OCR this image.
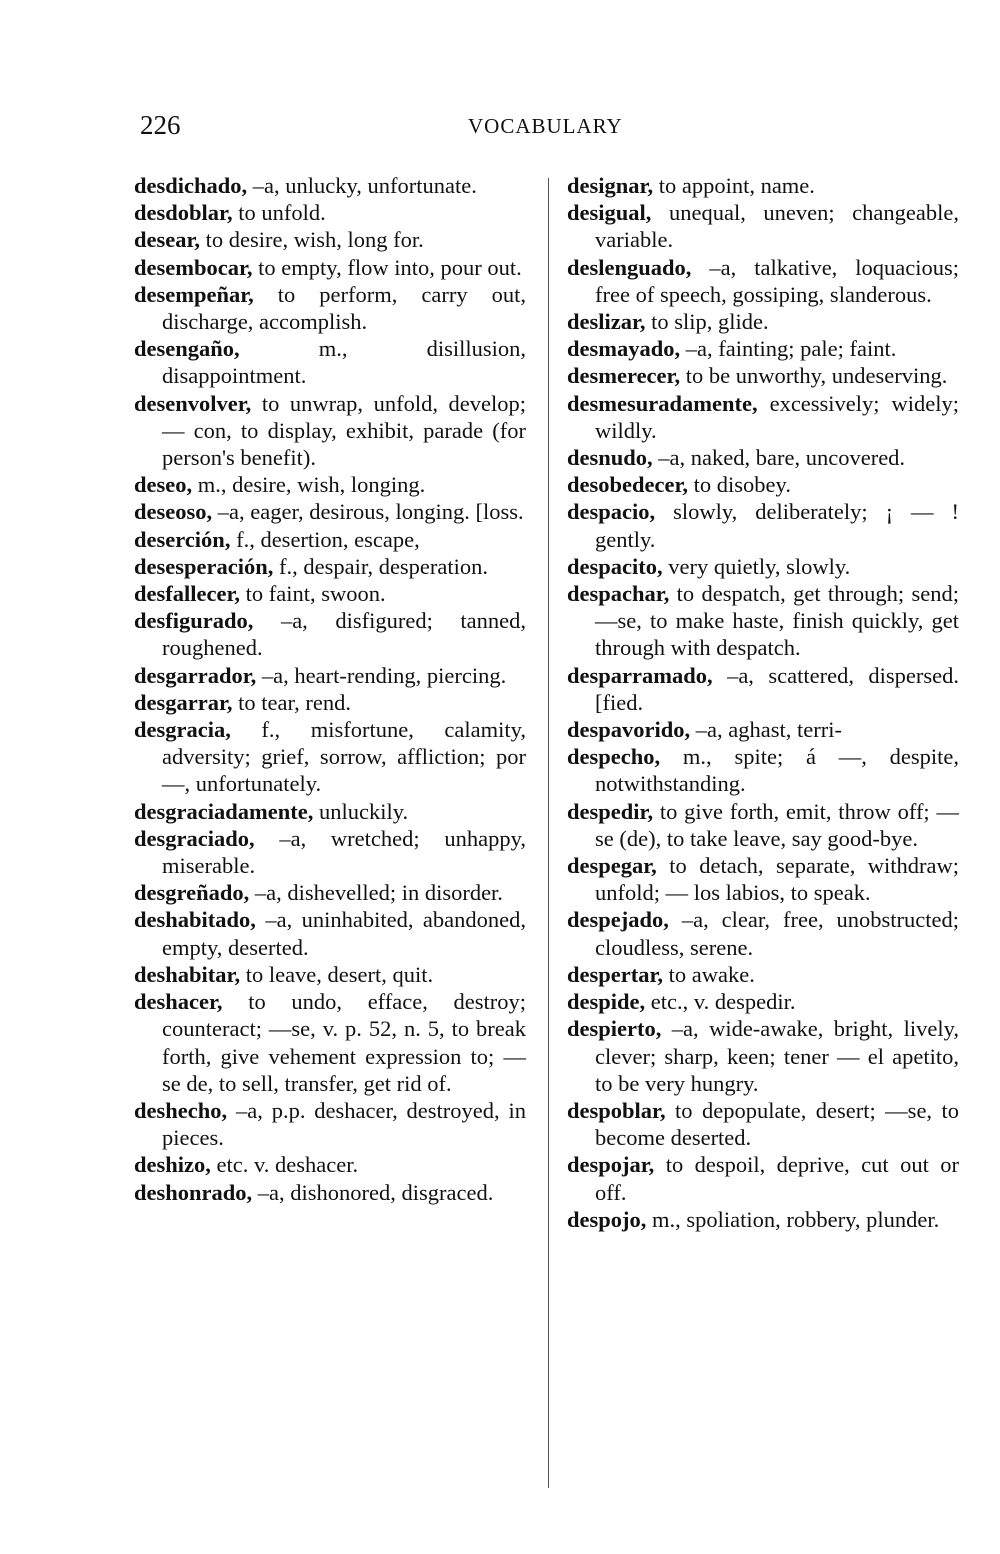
226	VOCABULARY

desdichado, –a, unlucky, unfortunate.

desdoblar, to unfold.

desear, to desire, wish, long for.

desembocar, to empty, flow into, pour out.

desempeñar, to perform, carry out, discharge, accomplish.

desengaño, m., disillusion, disappointment.

desenvolver, to unwrap, unfold, develop; — con, to display, exhibit, parade (for person's benefit).

deseo, m., desire, wish, longing.

deseoso, –a, eager, desirous, longing. [loss.

deserción, f., desertion, escape,

desesperación, f., despair, desperation.

desfallecer, to faint, swoon.

desfigurado, –a, disfigured; tanned, roughened.

desgarrador, –a, heart-rending, piercing.

desgarrar, to tear, rend.

desgracia, f., misfortune, calamity, adversity; grief, sorrow, affliction; por —, unfortunately.

desgraciadamente, unluckily.

desgraciado, –a, wretched; unhappy, miserable.

desgreñado, –a, dishevelled; in disorder.

deshabitado, –a, uninhabited, abandoned, empty, deserted.

deshabitar, to leave, desert, quit.

deshacer, to undo, efface, destroy; counteract; —se, v. p. 52, n. 5, to break forth, give vehement expression to; —se de, to sell, transfer, get rid of.

deshecho, –a, p.p. deshacer, destroyed, in pieces.

deshizo, etc. v. deshacer.

deshonrado, –a, dishonored, disgraced.

designar, to appoint, name.

desigual, unequal, uneven; changeable, variable.

deslenguado, –a, talkative, loquacious; free of speech, gossiping, slanderous.

deslizar, to slip, glide.

desmayado, –a, fainting; pale; faint.

desmerecer, to be unworthy, undeserving.

desmesuradamente, excessively; widely; wildly.

desnudo, –a, naked, bare, uncovered.

desobedecer, to disobey.

despacio, slowly, deliberately; ¡ — ! gently.

despacito, very quietly, slowly.

despachar, to despatch, get through; send; —se, to make haste, finish quickly, get through with despatch.

desparramado, –a, scattered, dispersed. [fied.

despavorido, –a, aghast, terri-

despecho, m., spite; á —, despite, notwithstanding.

despedir, to give forth, emit, throw off; —se (de), to take leave, say good-bye.

despegar, to detach, separate, withdraw; unfold; — los labios, to speak.

despejado, –a, clear, free, unobstructed; cloudless, serene.

despertar, to awake.

despide, etc., v. despedir.

despierto, –a, wide-awake, bright, lively, clever; sharp, keen; tener — el apetito, to be very hungry.

despoblar, to depopulate, desert; —se, to become deserted.

despojar, to despoil, deprive, cut out or off.

despojo, m., spoliation, robbery, plunder.
